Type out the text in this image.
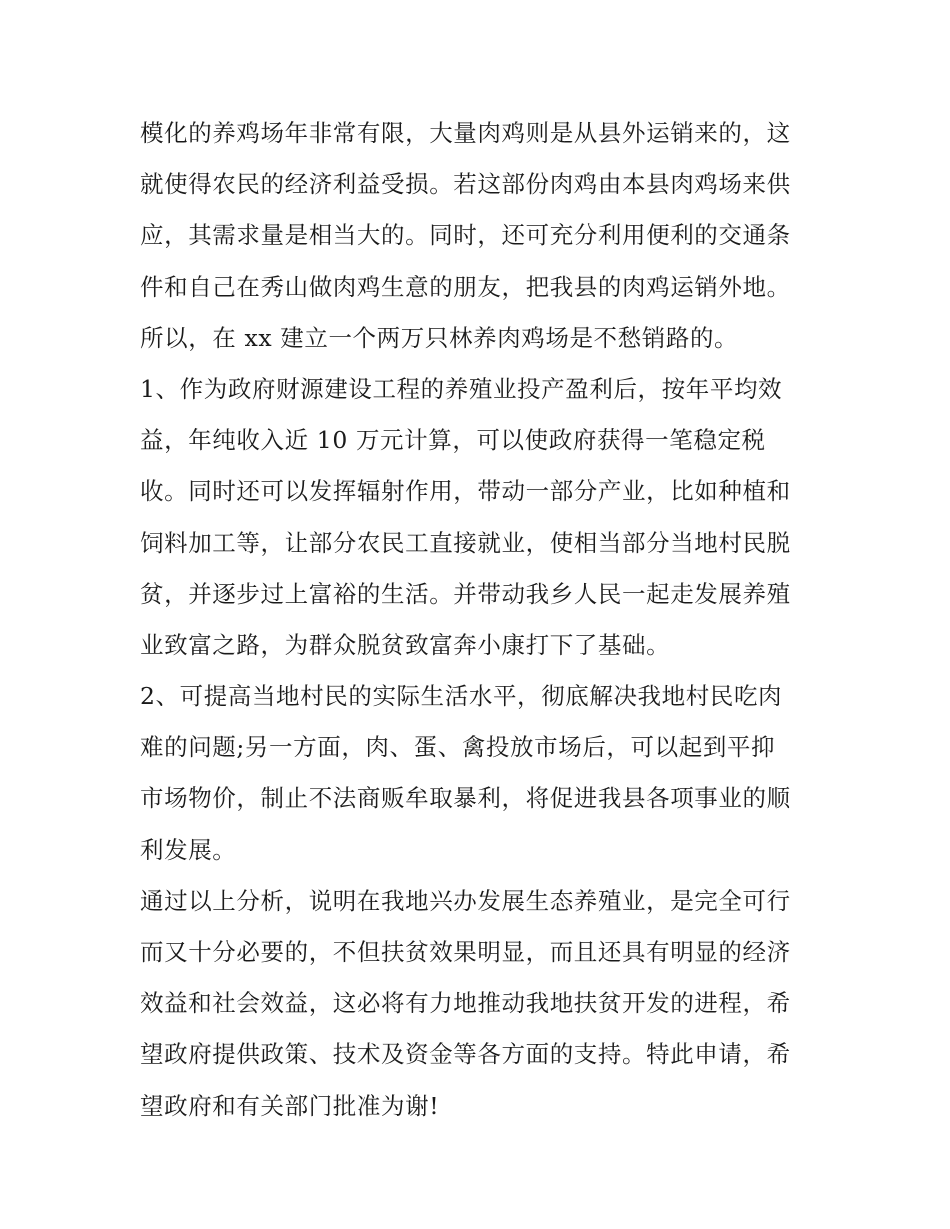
模化的养鸡场年非常有限，大量肉鸡则是从县外运销来的，这
就使得农民的经济利益受损。若这部份肉鸡由本县肉鸡场来供
应，其需求量是相当大的。同时，还可充分利用便利的交通条
件和自己在秀山做肉鸡生意的朋友，把我县的肉鸡运销外地。
所以，在 xx 建立一个两万只林养肉鸡场是不愁销路的。
1、作为政府财源建设工程的养殖业投产盈利后，按年平均效
益，年纯收入近 10 万元计算，可以使政府获得一笔稳定税
收。同时还可以发挥辐射作用，带动一部分产业，比如种植和
饲料加工等，让部分农民工直接就业，使相当部分当地村民脱
贫，并逐步过上富裕的生活。并带动我乡人民一起走发展养殖
业致富之路，为群众脱贫致富奔小康打下了基础。
2、可提高当地村民的实际生活水平，彻底解决我地村民吃肉
难的问题;另一方面，肉、蛋、禽投放市场后，可以起到平抑
市场物价，制止不法商贩牟取暴利，将促进我县各项事业的顺
利发展。
通过以上分析，说明在我地兴办发展生态养殖业，是完全可行
而又十分必要的，不但扶贫效果明显，而且还具有明显的经济
效益和社会效益，这必将有力地推动我地扶贫开发的进程，希
望政府提供政策、技术及资金等各方面的支持。特此申请，希
望政府和有关部门批准为谢!
